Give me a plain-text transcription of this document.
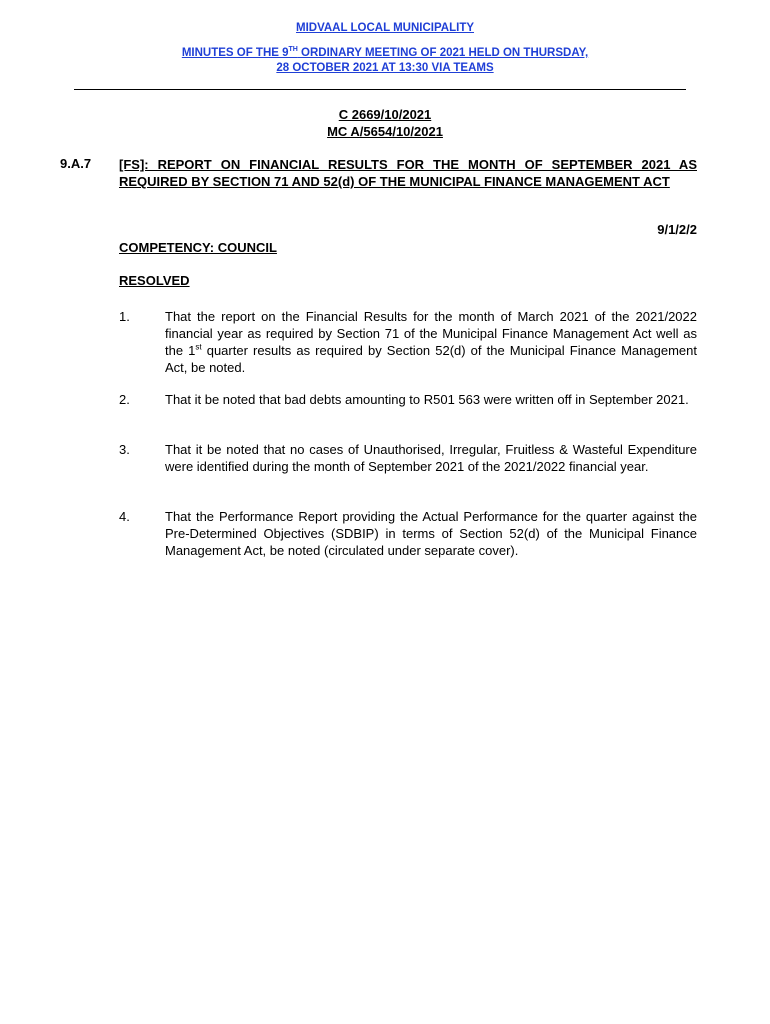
MIDVAAL LOCAL MUNICIPALITY
MINUTES OF THE 9TH ORDINARY MEETING OF 2021 HELD ON THURSDAY,
28 OCTOBER 2021 AT 13:30 VIA TEAMS
C 2669/10/2021
MC A/5654/10/2021
9.A.7 [FS]: REPORT ON FINANCIAL RESULTS FOR THE MONTH OF SEPTEMBER 2021 AS REQUIRED BY SECTION 71 AND 52(d) OF THE MUNICIPAL FINANCE MANAGEMENT ACT
9/1/2/2
COMPETENCY: COUNCIL
RESOLVED
1.	That the report on the Financial Results for the month of March 2021 of the 2021/2022 financial year as required by Section 71 of the Municipal Finance Management Act well as the 1st quarter results as required by Section 52(d) of the Municipal Finance Management Act, be noted.
2.	That it be noted that bad debts amounting to R501 563 were written off in September 2021.
3.	That it be noted that no cases of Unauthorised, Irregular, Fruitless & Wasteful Expenditure were identified during the month of September 2021 of the 2021/2022 financial year.
4.	That the Performance Report providing the Actual Performance for the quarter against the Pre-Determined Objectives (SDBIP) in terms of Section 52(d) of the Municipal Finance Management Act, be noted (circulated under separate cover).
